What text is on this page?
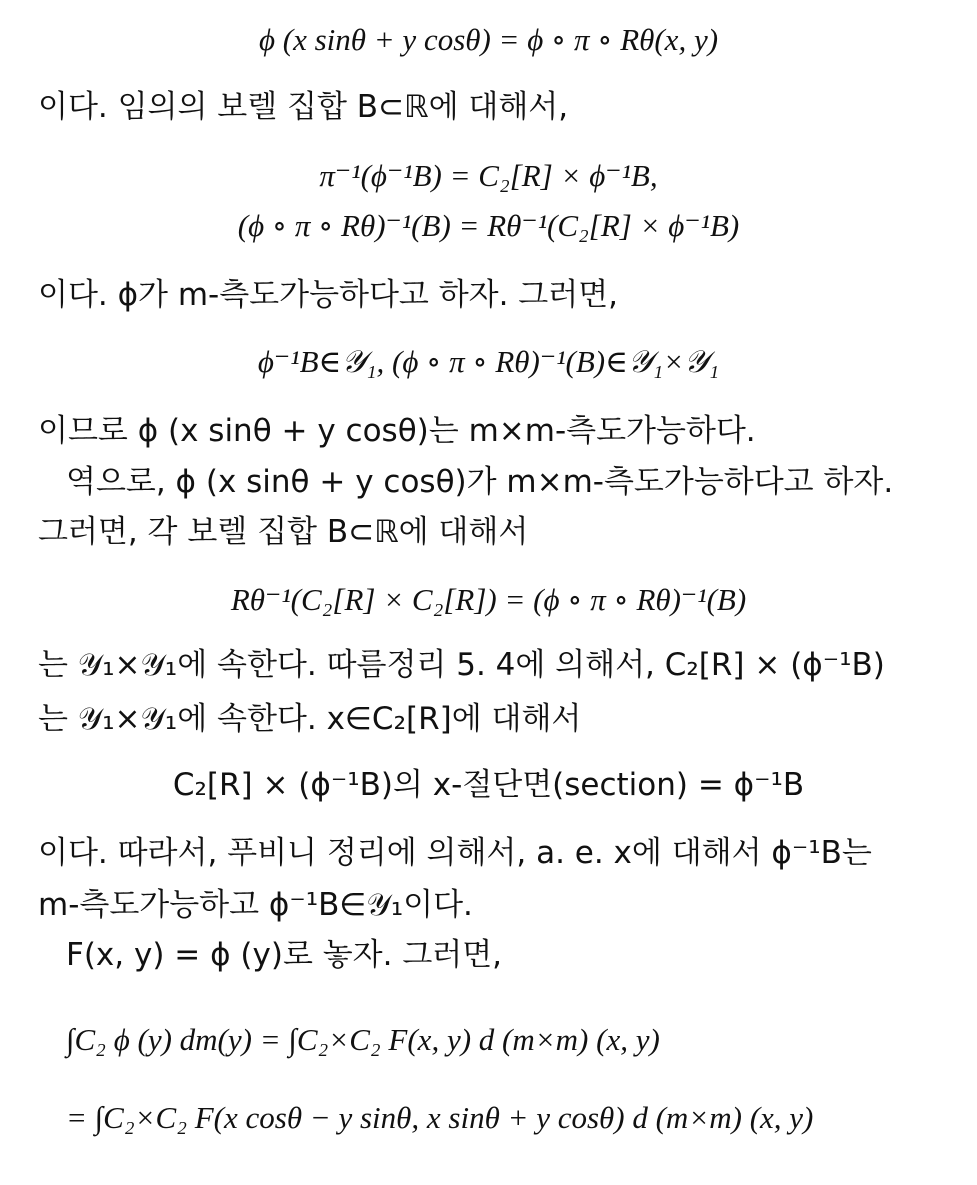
ϕ (x sinθ + y cosθ) = ϕ ∘ π ∘ Rθ(x, y)
이다. 임의의 보렐 집합 B⊂ℝ에 대해서,
π⁻¹(ϕ⁻¹B) = C₂[R] × ϕ⁻¹B,
(ϕ ∘ π ∘ Rθ)⁻¹(B) = Rθ⁻¹(C₂[R] × ϕ⁻¹B)
이다. ϕ가 m-측도가능하다고 하자. 그러면,
ϕ⁻¹B∈𝒴₁, (ϕ ∘ π ∘ Rθ)⁻¹(B)∈𝒴₁×𝒴₁
이므로 ϕ (x sinθ + y cosθ)는 m×m-측도가능하다.
역으로, ϕ (x sinθ + y cosθ)가 m×m-측도가능하다고 하자.
그러면, 각 보렐 집합 B⊂ℝ에 대해서
Rθ⁻¹(C₂[R] × C₂[R]) = (ϕ ∘ π ∘ Rθ)⁻¹(B)
는 𝒴₁×𝒴₁에 속한다. 따름정리 5. 4에 의해서, C₂[R] × (ϕ⁻¹B)
는 𝒴₁×𝒴₁에 속한다. x∈C₂[R]에 대해서
C₂[R] × (ϕ⁻¹B)의 x-절단면(section) = ϕ⁻¹B
이다. 따라서, 푸비니 정리에 의해서, a. e. x에 대해서 ϕ⁻¹B는
m-측도가능하고 ϕ⁻¹B∈𝒴₁이다.
F(x, y) = ϕ (y)로 놓자. 그러면,
∫C₂ ϕ (y) dm(y) = ∫C₂×C₂ F(x, y) d (m×m) (x, y)
= ∫C₂×C₂ F(x cosθ − y sinθ, x sinθ + y cosθ) d (m×m) (x, y)
